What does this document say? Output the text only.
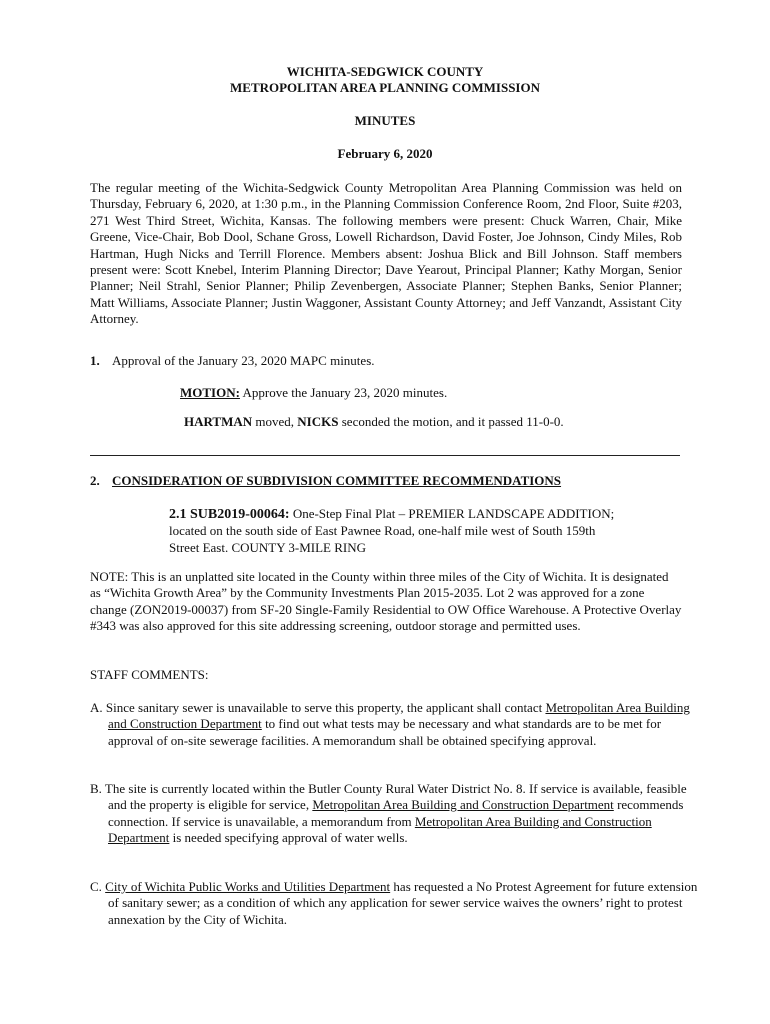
WICHITA-SEDGWICK COUNTY
METROPOLITAN AREA PLANNING COMMISSION
MINUTES
February 6, 2020
The regular meeting of the Wichita-Sedgwick County Metropolitan Area Planning Commission was held on Thursday, February 6, 2020, at 1:30 p.m., in the Planning Commission Conference Room, 2nd Floor, Suite #203, 271 West Third Street, Wichita, Kansas. The following members were present: Chuck Warren, Chair, Mike Greene, Vice-Chair, Bob Dool, Schane Gross, Lowell Richardson, David Foster, Joe Johnson, Cindy Miles, Rob Hartman, Hugh Nicks and Terrill Florence. Members absent: Joshua Blick and Bill Johnson. Staff members present were: Scott Knebel, Interim Planning Director; Dave Yearout, Principal Planner; Kathy Morgan, Senior Planner; Neil Strahl, Senior Planner; Philip Zevenbergen, Associate Planner; Stephen Banks, Senior Planner; Matt Williams, Associate Planner; Justin Waggoner, Assistant County Attorney; and Jeff Vanzandt, Assistant City Attorney.
1. Approval of the January 23, 2020 MAPC minutes.
MOTION: Approve the January 23, 2020 minutes.
HARTMAN moved, NICKS seconded the motion, and it passed 11-0-0.
2. CONSIDERATION OF SUBDIVISION COMMITTEE RECOMMENDATIONS
2.1 SUB2019-00064: One-Step Final Plat – PREMIER LANDSCAPE ADDITION;
located on the south side of East Pawnee Road, one-half mile west of South 159th
Street East. COUNTY 3-MILE RING
NOTE: This is an unplatted site located in the County within three miles of the City of Wichita. It is designated as “Wichita Growth Area” by the Community Investments Plan 2015-2035. Lot 2 was approved for a zone change (ZON2019-00037) from SF-20 Single-Family Residential to OW Office Warehouse. A Protective Overlay #343 was also approved for this site addressing screening, outdoor storage and permitted uses.
STAFF COMMENTS:
A. Since sanitary sewer is unavailable to serve this property, the applicant shall contact Metropolitan Area Building and Construction Department to find out what tests may be necessary and what standards are to be met for approval of on-site sewerage facilities. A memorandum shall be obtained specifying approval.
B. The site is currently located within the Butler County Rural Water District No. 8. If service is available, feasible and the property is eligible for service, Metropolitan Area Building and Construction Department recommends connection. If service is unavailable, a memorandum from Metropolitan Area Building and Construction Department is needed specifying approval of water wells.
C. City of Wichita Public Works and Utilities Department has requested a No Protest Agreement for future extension of sanitary sewer; as a condition of which any application for sewer service waives the owners’ right to protest annexation by the City of Wichita.
